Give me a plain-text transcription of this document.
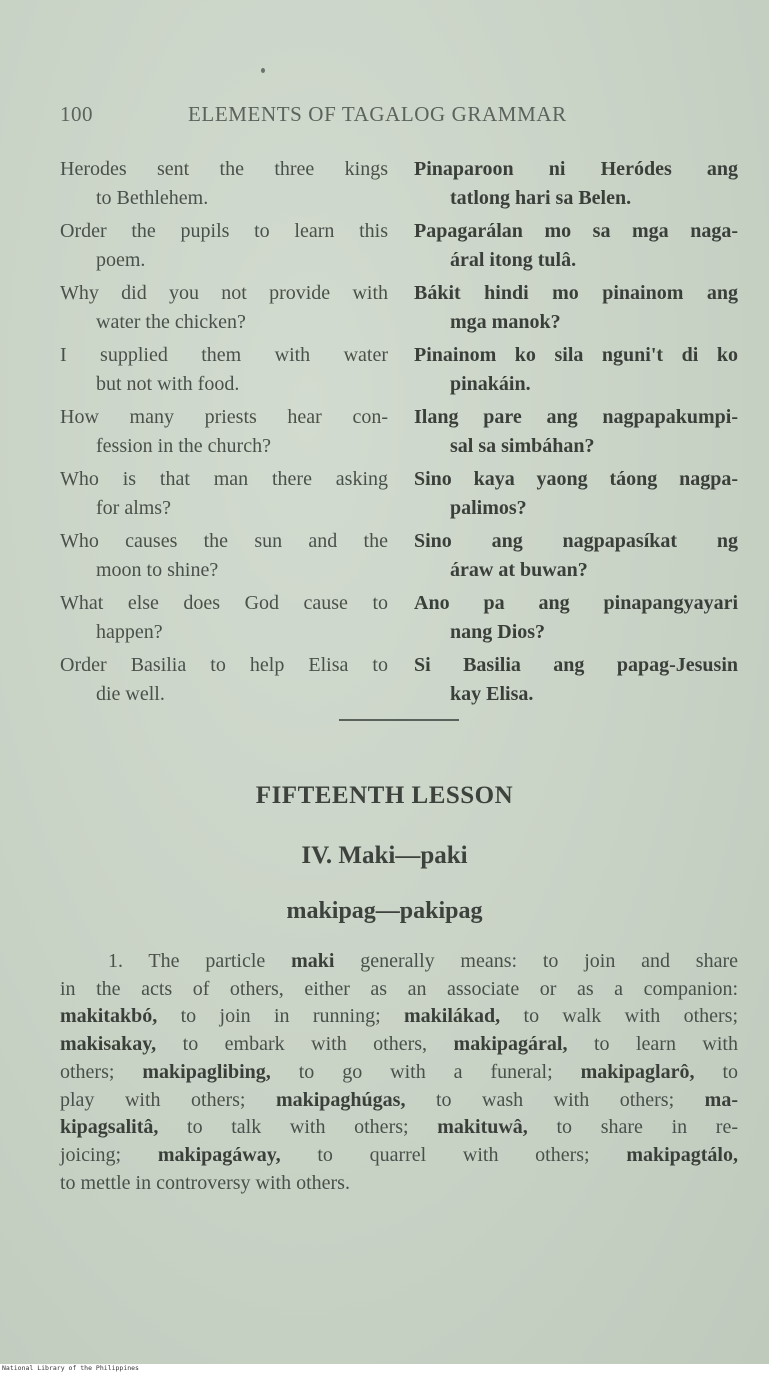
100	ELEMENTS OF TAGALOG GRAMMAR
Herodes sent the three kings
to Bethlehem.
Pinaparoon ni Heródes ang
tatlong hari sa Belen.
Order the pupils to learn this
poem.
Papagarálan mo sa mga naga-
áral itong tulâ.
Why did you not provide with
water the chicken?
Bákit hindi mo pinainom ang
mga manok?
I supplied them with water
but not with food.
Pinainom ko sila nguni't di ko
pinakáin.
How many priests hear con-
fession in the church?
Ilang pare ang nagpapakumpi-
sal sa simbáhan?
Who is that man there asking
for alms?
Sino kaya yaong táong nagpa-
palimos?
Who causes the sun and the
moon to shine?
Sino ang nagpapasíkat ng
áraw at buwan?
What else does God cause to
happen?
Ano pa ang pinapangyayari
nang Dios?
Order Basilia to help Elisa to
die well.
Si Basilia ang papag-Jesusin
kay Elisa.
FIFTEENTH LESSON
IV. Maki—paki
makipag—pakipag
1. The particle maki generally means: to join and share
in the acts of others, either as an associate or as a companion:
makitakbó, to join in running; makilákad, to walk with others;
makisakay, to embark with others, makipagáral, to learn with
others; makipaglibing, to go with a funeral; makipaglarô, to
play with others; makipaghúgas, to wash with others; ma-
kipagsalitâ, to talk with others; makituwâ, to share in re-
joicing; makipagáway, to quarrel with others; makipagtálo,
to mettle in controversy with others.
National Library of the Philippines
